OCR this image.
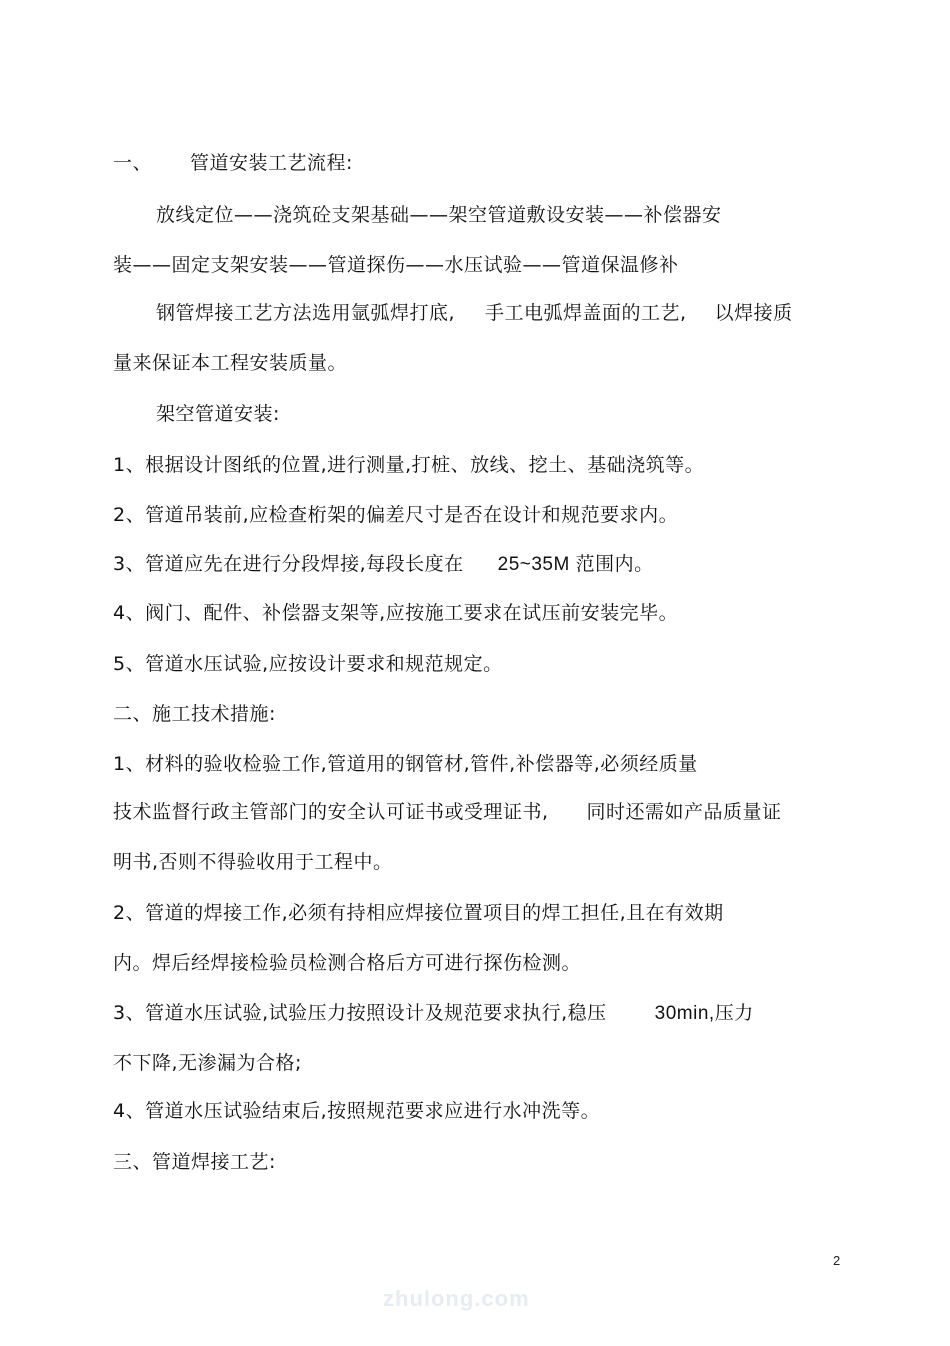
一、 管道安装工艺流程:
放线定位——浇筑砼支架基础——架空管道敷设安装——补偿器安
装——固定支架安装——管道探伤——水压试验——管道保温修补
钢管焊接工艺方法选用氩弧焊打底, 手工电弧焊盖面的工艺, 以焊接质
量来保证本工程安装质量。
架空管道安装:
1、根据设计图纸的位置,进行测量,打桩、放线、挖土、基础浇筑等。
2、管道吊装前,应检查桁架的偏差尺寸是否在设计和规范要求内。
3、管道应先在进行分段焊接,每段长度在 25~35M 范围内。
4、阀门、配件、补偿器支架等,应按施工要求在试压前安装完毕。
5、管道水压试验,应按设计要求和规范规定。
二、施工技术措施:
1、材料的验收检验工作,管道用的钢管材,管件,补偿器等,必须经质量
技术监督行政主管部门的安全认可证书或受理证书, 同时还需如产品质量证
明书,否则不得验收用于工程中。
2、管道的焊接工作,必须有持相应焊接位置项目的焊工担任,且在有效期
内。焊后经焊接检验员检测合格后方可进行探伤检测。
3、管道水压试验,试验压力按照设计及规范要求执行,稳压	30min,压力
不下降,无渗漏为合格;
4、管道水压试验结束后,按照规范要求应进行水冲洗等。
三、管道焊接工艺:
2
zhulong.com
